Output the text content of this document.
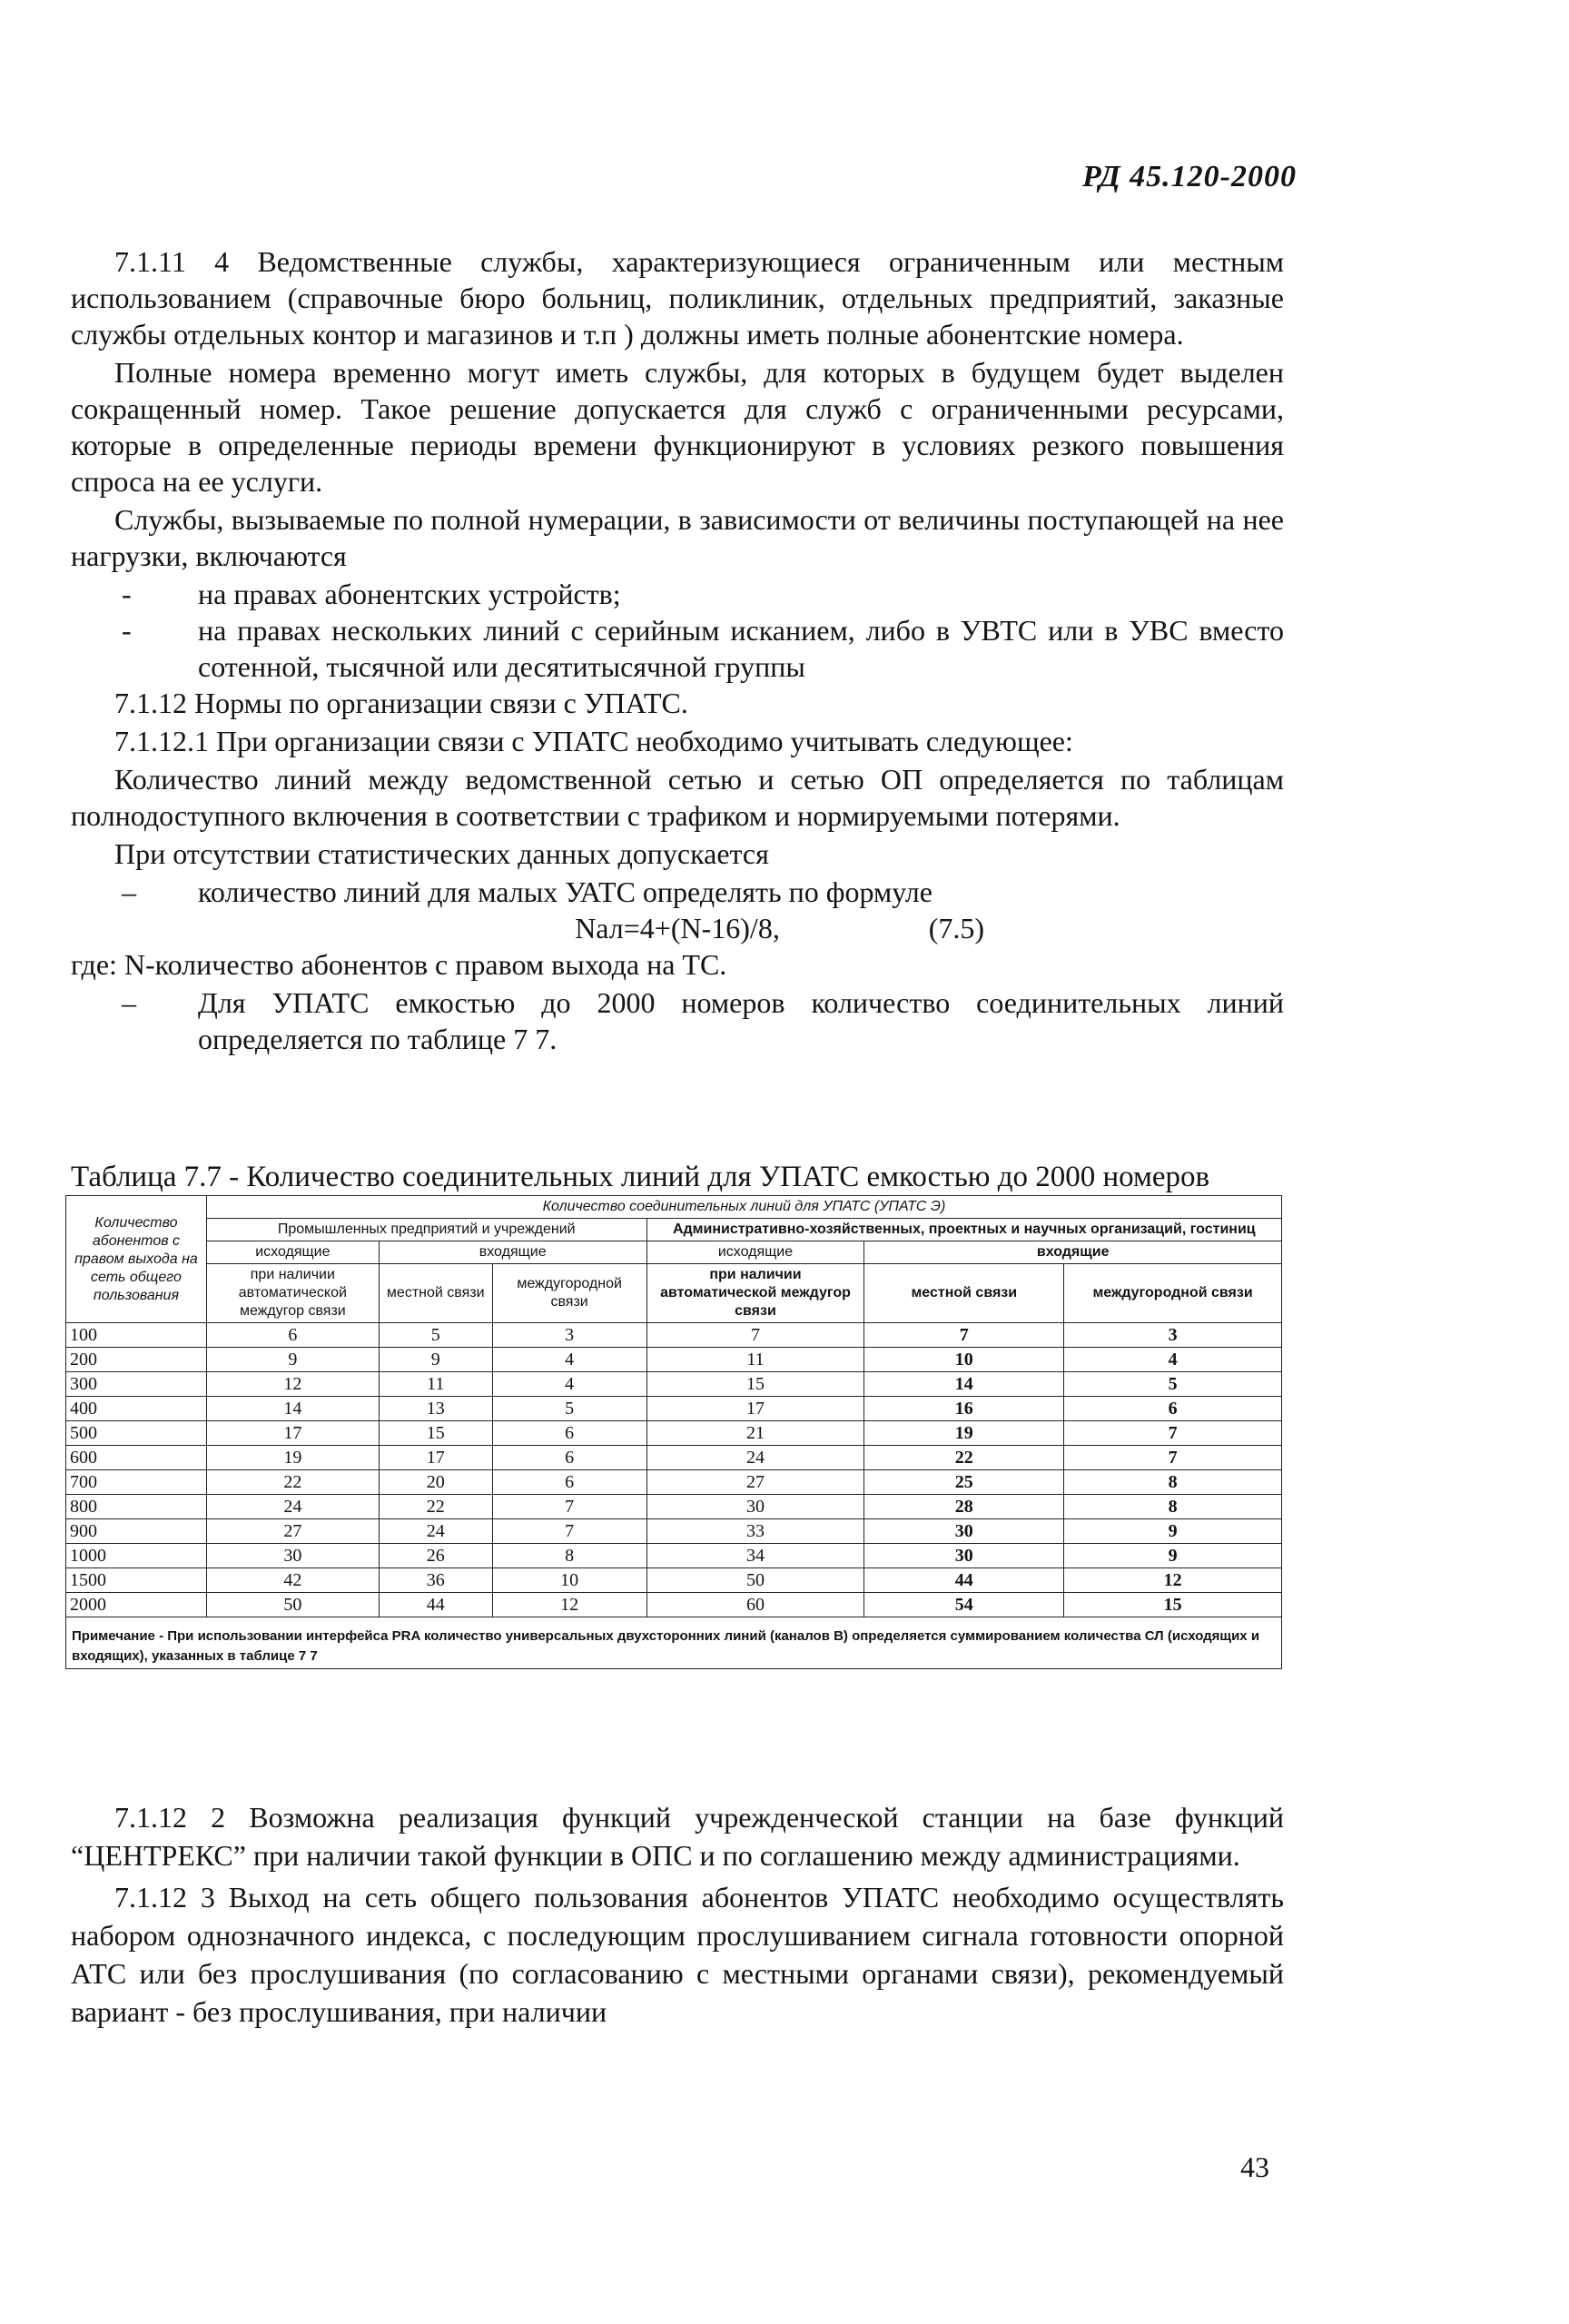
РД 45.120-2000

7.1.11 4 Ведомственные службы, характеризующиеся ограниченным или местным использованием (справочные бюро больниц, поликлиник, отдельных предприятий, заказные службы отдельных контор и магазинов и т.п ) должны иметь полные абонентские номера.

Полные номера временно могут иметь службы, для которых в будущем будет выделен сокращенный номер. Такое решение допускается для служб с ограниченными ресурсами, которые в определенные периоды времени функционируют в условиях резкого повышения спроса на ее услуги.

Службы, вызываемые по полной нумерации, в зависимости от величины поступающей на нее нагрузки, включаются

-	на правах абонентских устройств;
-	на правах нескольких линий с серийным исканием, либо в УВТС или в УВС вместо сотенной, тысячной или десятитысячной группы

7.1.12 Нормы по организации связи с УПАТС.

7.1.12.1 При организации связи с УПАТС необходимо учитывать следующее:

Количество линий между ведомственной сетью и сетью ОП определяется по таблицам полнодоступного включения в соответствии с трафиком и нормируемыми потерями.

При отсутствии статистических данных допускается

–	количество линий для малых УАТС определять по формуле
Nал=4+(N-16)/8,	(7.5)

где: N-количество абонентов с правом выхода на ТС.

–	Для УПАТС емкостью до 2000 номеров количество соединительных линий определяется по таблице 7 7.
Таблица 7.7 - Количество соединительных линий для УПАТС емкостью до 2000 номеров
Количество абонентов с правом выхода на сеть общего пользования	Количество соединительных линий для УПАТС (УПАТС Э)					
	Промышленных предприятий и учреждений			Административно-хозяйственных, проектных и научных организаций, гостиниц		
	исходящие	входящие		исходящие	входящие	
	при наличии автоматической междугор связи	местной связи	междугородной связи	при наличии автоматической междугор связи	местной связи	междугородной связи
100	6	5	3	7	7	3
200	9	9	4	11	10	4
300	12	11	4	15	14	5
400	14	13	5	17	16	6
500	17	15	6	21	19	7
600	19	17	6	24	22	7
700	22	20	6	27	25	8
800	24	22	7	30	28	8
900	27	24	7	33	30	9
1000	30	26	8	34	30	9
1500	42	36	10	50	44	12
2000	50	44	12	60	54	15
Примечание - При использовании интерфейса PRA количество универсальных двухсторонних линий (каналов В) определяется суммированием количества СЛ (исходящих и входящих), указанных в таблице 7 7						

7.1.12 2 Возможна реализация функций учрежденческой станции на базе функций “ЦЕНТРЕКС” при наличии такой функции в ОПС и по соглашению между администрациями.

7.1.12 3 Выход на сеть общего пользования абонентов УПАТС необходимо осуществлять набором однозначного индекса, с последующим прослушиванием сигнала готовности опорной АТС или без прослушивания (по согласованию с местными органами связи), рекомендуемый вариант - без прослушивания, при наличии

43
